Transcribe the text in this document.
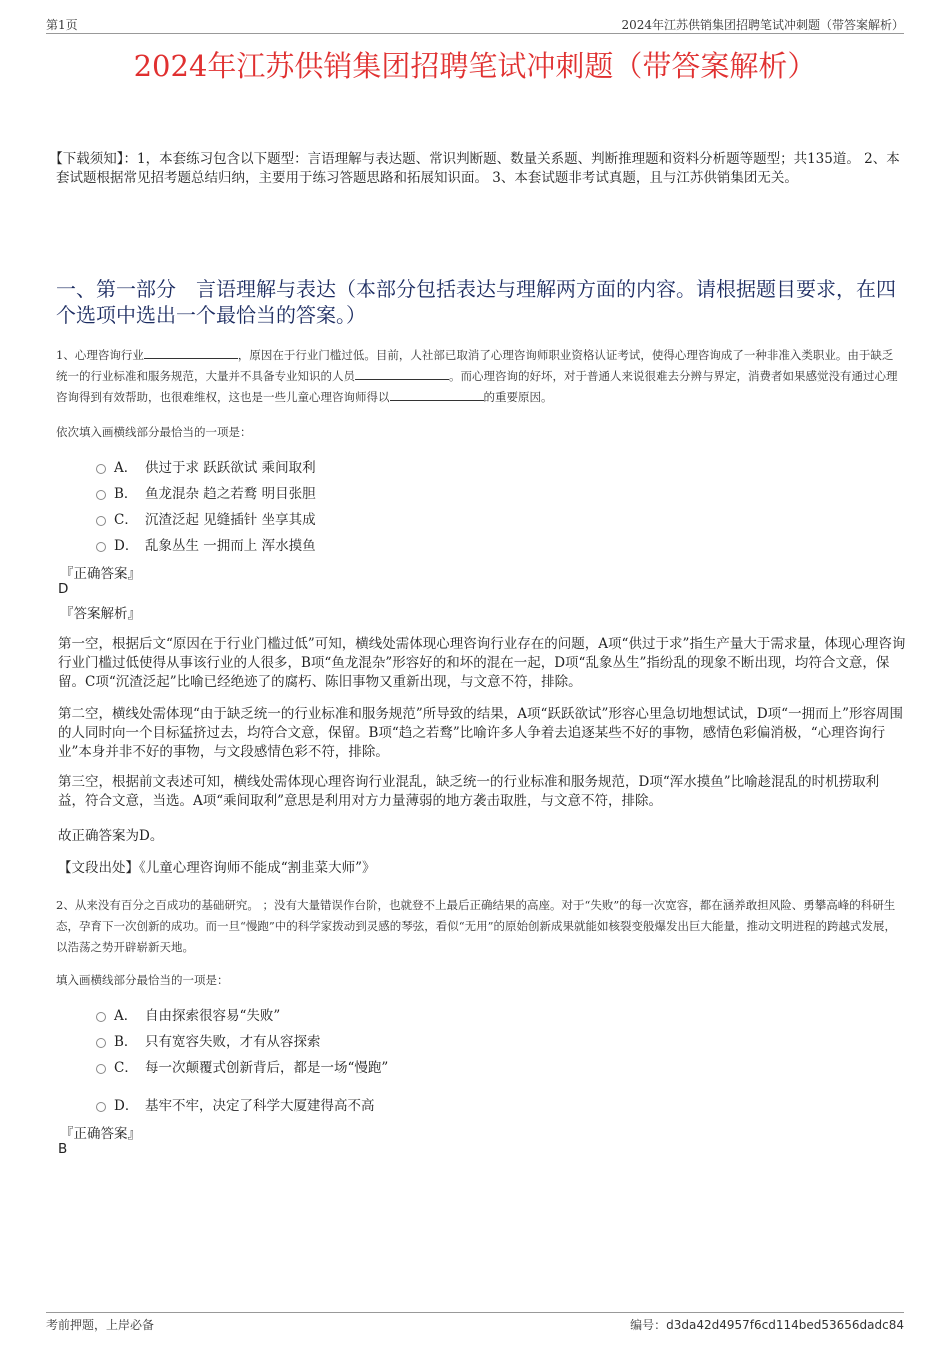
第1页	2024年江苏供销集团招聘笔试冲刺题（带答案解析）
2024年江苏供销集团招聘笔试冲刺题（带答案解析）
【下载须知】：1，本套练习包含以下题型：言语理解与表达题、常识判断题、数量关系题、判断推理题和资料分析题等题型；共135道。 2、本套试题根据常见招考题总结归纳，主要用于练习答题思路和拓展知识面。 3、本套试题非考试真题，且与江苏供销集团无关。
一、第一部分　言语理解与表达（本部分包括表达与理解两方面的内容。请根据题目要求，在四个选项中选出一个最恰当的答案。）
1、心理咨询行业	，原因在于行业门槛过低。目前，人社部已取消了心理咨询师职业资格认证考试，使得心理咨询成了一种非准入类职业。由于缺乏统一的行业标准和服务规范，大量并不具备专业知识的人员	。而心理咨询的好坏，对于普通人来说很难去分辨与界定，消费者如果感觉没有通过心理咨询得到有效帮助，也很难维权，这也是一些儿童心理咨询师得以	的重要原因。
依次填入画横线部分最恰当的一项是：
A． 供过于求 跃跃欲试 乘间取利
B． 鱼龙混杂 趋之若鹜 明目张胆
C． 沉渣泛起 见缝插针 坐享其成
D． 乱象丛生 一拥而上 浑水摸鱼
『正确答案』
D
『答案解析』
第一空，根据后文“原因在于行业门槛过低”可知，横线处需体现心理咨询行业存在的问题，A项“供过于求”指生产量大于需求量，体现心理咨询行业门槛过低使得从事该行业的人很多，B项“鱼龙混杂”形容好的和坏的混在一起，D项“乱象丛生”指纷乱的现象不断出现，均符合文意，保留。C项“沉渣泛起”比喻已经绝迹了的腐朽、陈旧事物又重新出现，与文意不符，排除。
第二空，横线处需体现“由于缺乏统一的行业标准和服务规范”所导致的结果，A项“跃跃欲试”形容心里急切地想试试，D项“一拥而上”形容周围的人同时向一个目标猛挤过去，均符合文意，保留。B项“趋之若鹜”比喻许多人争着去追逐某些不好的事物，感情色彩偏消极，“心理咨询行业”本身并非不好的事物，与文段感情色彩不符，排除。
第三空，根据前文表述可知，横线处需体现心理咨询行业混乱，缺乏统一的行业标准和服务规范，D项“浑水摸鱼”比喻趁混乱的时机捞取利益，符合文意，当选。A项“乘间取利”意思是利用对方力量薄弱的地方袭击取胜，与文意不符，排除。
故正确答案为D。
【文段出处】《儿童心理咨询师不能成“割韭菜大师”》
2、从来没有百分之百成功的基础研究。 ；没有大量错误作台阶，也就登不上最后正确结果的高座。对于“失败”的每一次宽容，都在涵养敢担风险、勇攀高峰的科研生态，孕育下一次创新的成功。而一旦“慢跑”中的科学家拨动到灵感的琴弦，看似“无用”的原始创新成果就能如核裂变般爆发出巨大能量，推动文明进程的跨越式发展，以浩荡之势开辟崭新天地。
填入画横线部分最恰当的一项是：
A． 自由探索很容易“失败”
B． 只有宽容失败，才有从容探索
C． 每一次颠覆式创新背后，都是一场“慢跑”
D． 基牢不牢，决定了科学大厦建得高不高
『正确答案』
B
考前押题，上岸必备	编号：d3da42d4957f6cd114bed53656dadc84
